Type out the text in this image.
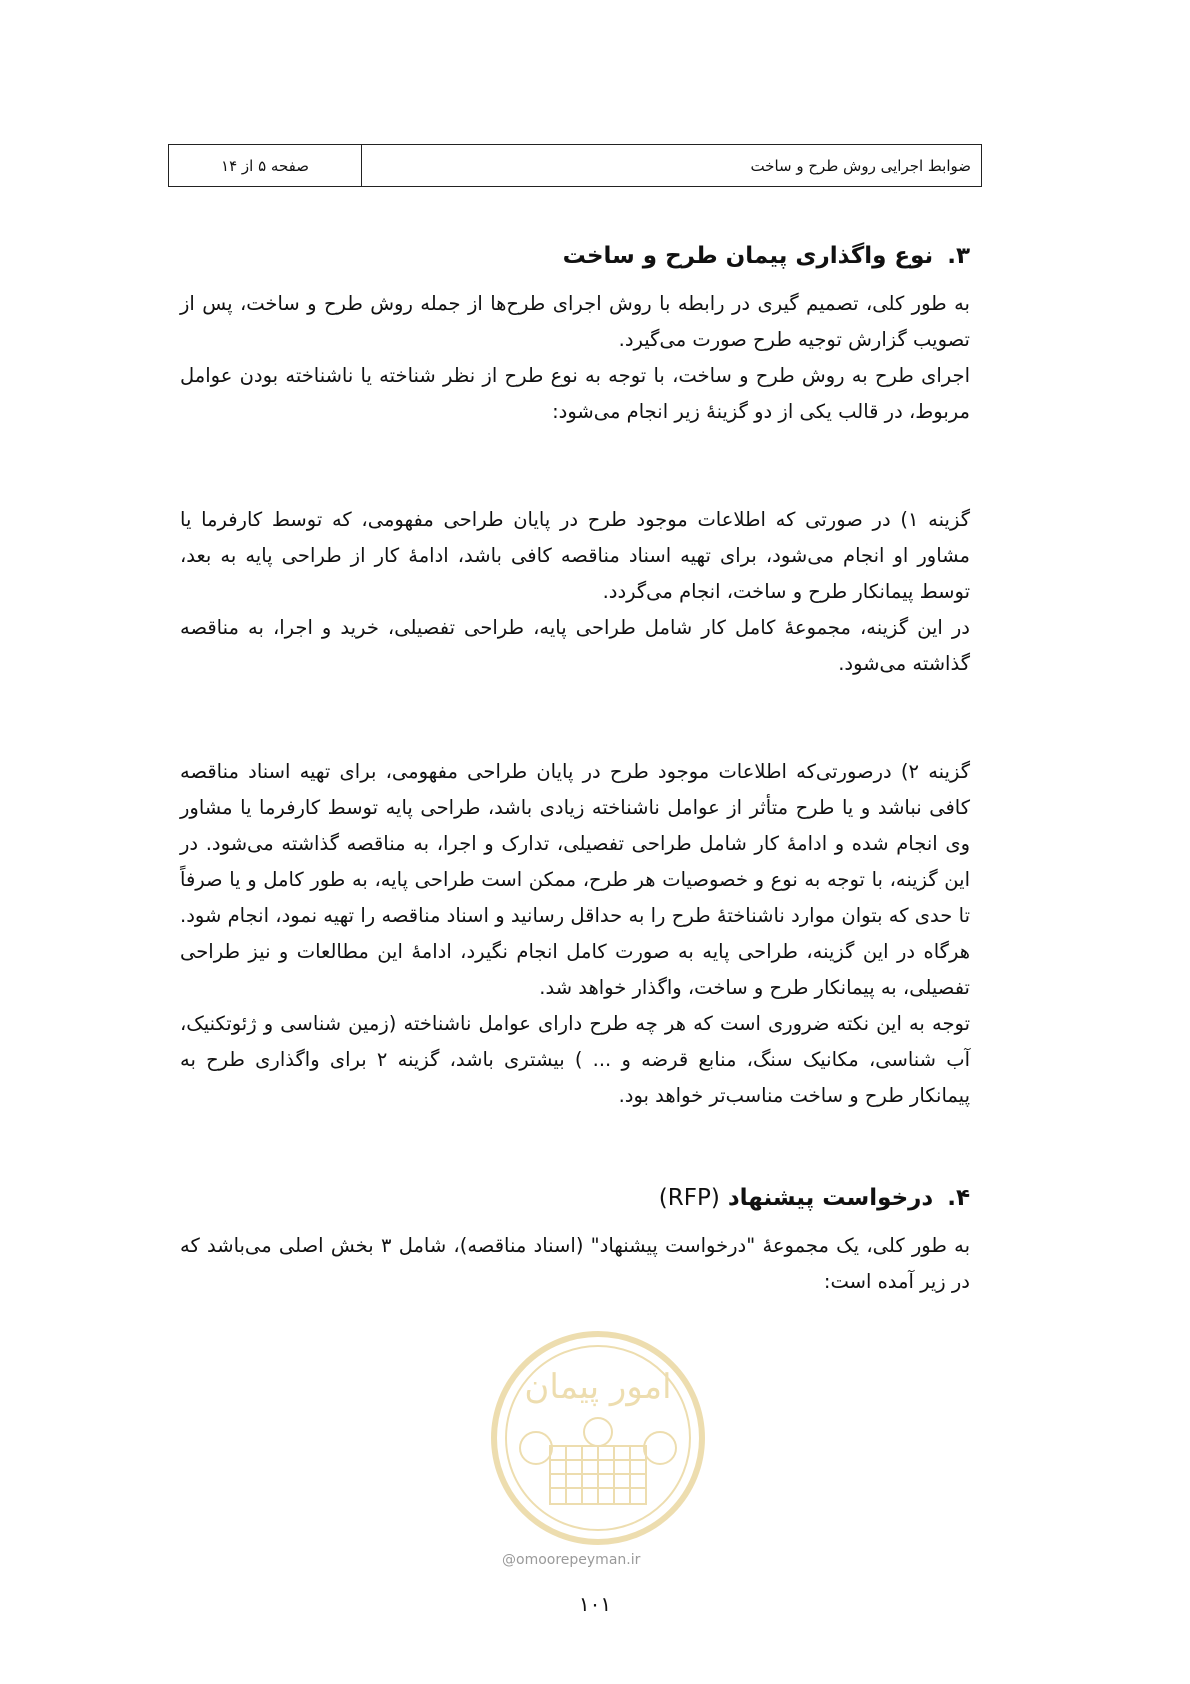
ضوابط اجرایی روش طرح و ساخت
صفحه ۵ از ۱۴
۳.نوع واگذاری پیمان طرح و ساخت

به طور کلی، تصمیم گیری در رابطه با روش اجرای طرح‌ها از جمله روش طرح و ساخت، پس از تصویب گزارش توجیه طرح صورت می‌گیرد.

اجرای طرح به روش طرح و ساخت، با توجه به نوع طرح از نظر شناخته یا ناشناخته بودن عوامل مربوط، در قالب یکی از دو گزینهٔ زیر انجام می‌شود:

گزینه ۱) در صورتی که اطلاعات موجود طرح در پایان طراحی مفهومی، که توسط کارفرما یا مشاور او انجام می‌شود، برای تهیه اسناد مناقصه کافی باشد، ادامهٔ کار از طراحی پایه به بعد، توسط پیمانکار طرح و ساخت، انجام می‌گردد.

در این گزینه، مجموعهٔ کامل کار شامل طراحی پایه، طراحی تفصیلی، خرید و اجرا، به مناقصه گذاشته می‌شود.

گزینه ۲) درصورتی‌که اطلاعات موجود طرح در پایان طراحی مفهومی، برای تهیه اسناد مناقصه کافی نباشد و یا طرح متأثر از عوامل ناشناخته زیادی باشد، طراحی پایه توسط کارفرما یا مشاور وی انجام شده و ادامهٔ کار شامل طراحی تفصیلی، تدارک و اجرا، به مناقصه گذاشته می‌شود. در این گزینه، با توجه به نوع و خصوصیات هر طرح، ممکن است طراحی پایه، به طور کامل و یا صرفاً تا حدی که بتوان موارد ناشناختهٔ طرح را به حداقل رسانید و اسناد مناقصه را تهیه نمود، انجام شود. هرگاه در این گزینه، طراحی پایه به صورت کامل انجام نگیرد، ادامهٔ این مطالعات و نیز طراحی تفصیلی، به پیمانکار طرح و ساخت، واگذار خواهد شد.

توجه به این نکته ضروری است که هر چه طرح دارای عوامل ناشناخته (زمین شناسی و ژئوتکنیک، آب شناسی، مکانیک سنگ، منابع قرضه و ... ) بیشتری باشد، گزینه ۲ برای واگذاری طرح به پیمانکار طرح و ساخت مناسب‌تر خواهد بود.

۴.درخواست پیشنهاد (RFP)

به طور کلی، یک مجموعهٔ "درخواست پیشنهاد" (اسناد مناقصه)، شامل ۳ بخش اصلی می‌باشد که در زیر آمده است:

امور پیمان
@omoorepeyman.ir
۱۰۱
